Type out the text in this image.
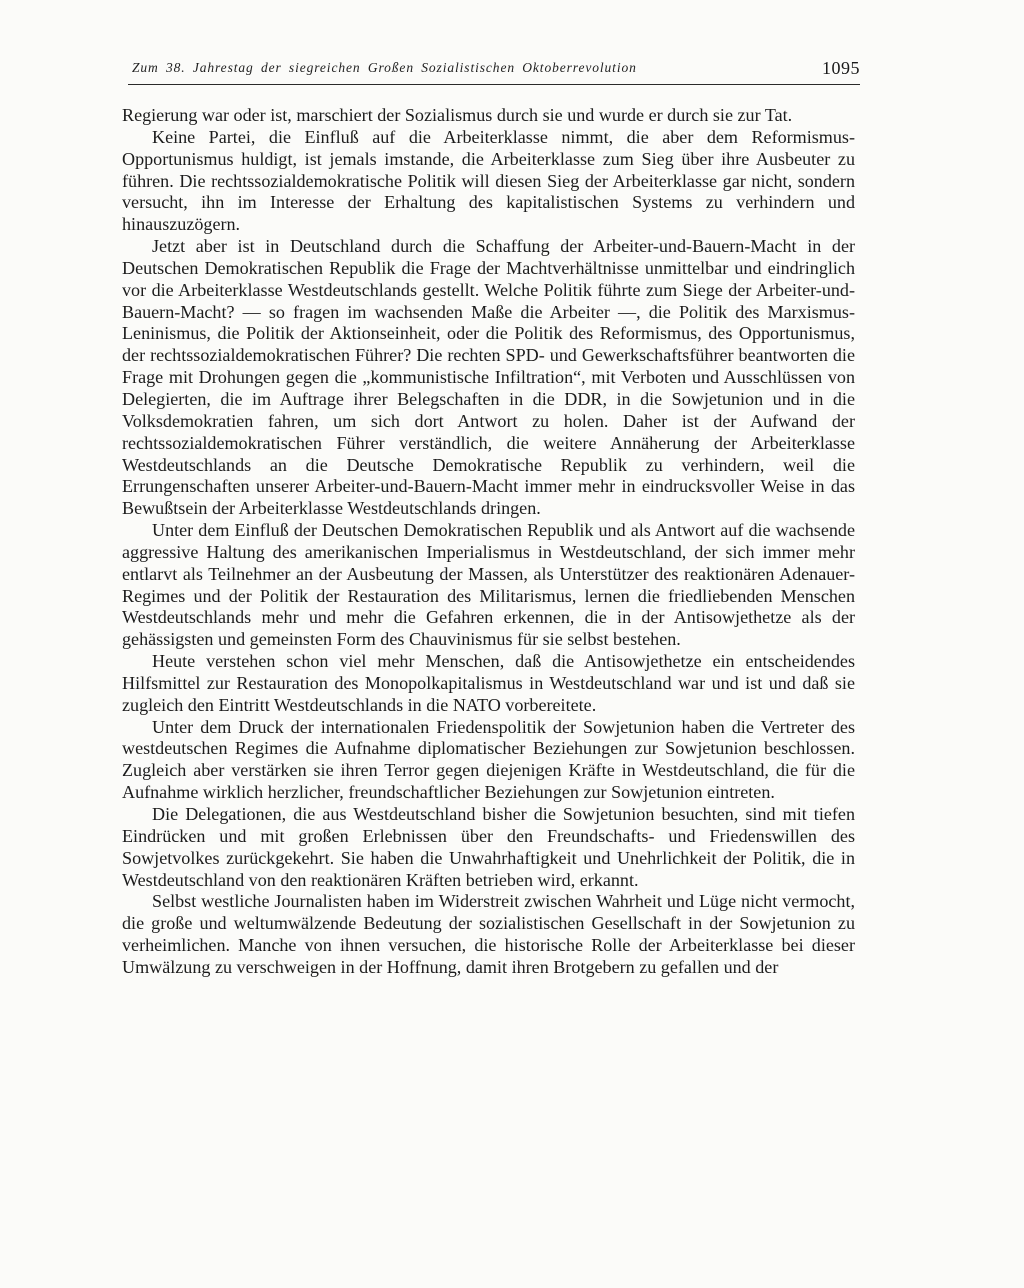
Zum 38. Jahrestag der siegreichen Großen Sozialistischen Oktoberrevolution	1095

Regierung war oder ist, marschiert der Sozialismus durch sie und wurde er durch sie zur Tat.

Keine Partei, die Einfluß auf die Arbeiterklasse nimmt, die aber dem Reformismus-Opportunismus huldigt, ist jemals imstande, die Arbeiterklasse zum Sieg über ihre Ausbeuter zu führen. Die rechtssozialdemokratische Politik will diesen Sieg der Arbeiterklasse gar nicht, sondern versucht, ihn im Interesse der Erhaltung des kapitalistischen Systems zu verhindern und hinauszuzögern.

Jetzt aber ist in Deutschland durch die Schaffung der Arbeiter-und-Bauern-Macht in der Deutschen Demokratischen Republik die Frage der Machtverhältnisse unmittelbar und eindringlich vor die Arbeiterklasse Westdeutschlands gestellt. Welche Politik führte zum Siege der Arbeiter-und-Bauern-Macht? — so fragen im wachsenden Maße die Arbeiter —, die Politik des Marxismus-Leninismus, die Politik der Aktionseinheit, oder die Politik des Reformismus, des Opportunismus, der rechtssozialdemokratischen Führer? Die rechten SPD- und Gewerkschaftsführer beantworten die Frage mit Drohungen gegen die „kommunistische Infiltration“, mit Verboten und Ausschlüssen von Delegierten, die im Auftrage ihrer Belegschaften in die DDR, in die Sowjetunion und in die Volksdemokratien fahren, um sich dort Antwort zu holen. Daher ist der Aufwand der rechtssozialdemokratischen Führer verständlich, die weitere Annäherung der Arbeiterklasse Westdeutschlands an die Deutsche Demokratische Republik zu verhindern, weil die Errungenschaften unserer Arbeiter-und-Bauern-Macht immer mehr in eindrucksvoller Weise in das Bewußtsein der Arbeiterklasse Westdeutschlands dringen.

Unter dem Einfluß der Deutschen Demokratischen Republik und als Antwort auf die wachsende aggressive Haltung des amerikanischen Imperialismus in Westdeutschland, der sich immer mehr entlarvt als Teilnehmer an der Ausbeutung der Massen, als Unterstützer des reaktionären Adenauer-Regimes und der Politik der Restauration des Militarismus, lernen die friedliebenden Menschen Westdeutschlands mehr und mehr die Gefahren erkennen, die in der Antisowjethetze als der gehässigsten und gemeinsten Form des Chauvinismus für sie selbst bestehen.

Heute verstehen schon viel mehr Menschen, daß die Antisowjethetze ein entscheidendes Hilfsmittel zur Restauration des Monopolkapitalismus in Westdeutschland war und ist und daß sie zugleich den Eintritt Westdeutschlands in die NATO vorbereitete.

Unter dem Druck der internationalen Friedenspolitik der Sowjetunion haben die Vertreter des westdeutschen Regimes die Aufnahme diplomatischer Beziehungen zur Sowjetunion beschlossen. Zugleich aber verstärken sie ihren Terror gegen diejenigen Kräfte in Westdeutschland, die für die Aufnahme wirklich herzlicher, freundschaftlicher Beziehungen zur Sowjetunion eintreten.

Die Delegationen, die aus Westdeutschland bisher die Sowjetunion besuchten, sind mit tiefen Eindrücken und mit großen Erlebnissen über den Freundschafts- und Friedenswillen des Sowjetvolkes zurückgekehrt. Sie haben die Unwahrhaftigkeit und Unehrlichkeit der Politik, die in Westdeutschland von den reaktionären Kräften betrieben wird, erkannt.

Selbst westliche Journalisten haben im Widerstreit zwischen Wahrheit und Lüge nicht vermocht, die große und weltumwälzende Bedeutung der sozialistischen Gesellschaft in der Sowjetunion zu verheimlichen. Manche von ihnen versuchen, die historische Rolle der Arbeiterklasse bei dieser Umwälzung zu verschweigen in der Hoffnung, damit ihren Brotgebern zu gefallen und der
